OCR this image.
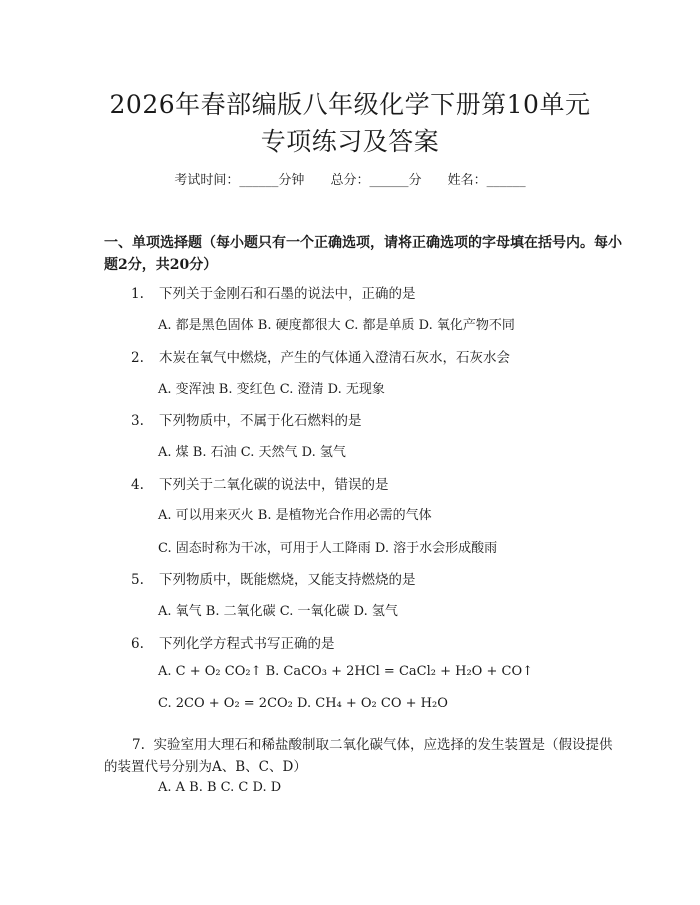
2026年春部编版八年级化学下册第10单元
专项练习及答案
考试时间：______分钟 总分：______分 姓名：______
一、单项选择题（每小题只有一个正确选项，请将正确选项的字母填在括号内。每小题2分，共20分）
1. 下列关于金刚石和石墨的说法中，正确的是
A. 都是黑色固体 B. 硬度都很大 C. 都是单质 D. 氧化产物不同
2. 木炭在氧气中燃烧，产生的气体通入澄清石灰水，石灰水会
A. 变浑浊 B. 变红色 C. 澄清 D. 无现象
3. 下列物质中，不属于化石燃料的是
A. 煤 B. 石油 C. 天然气 D. 氢气
4. 下列关于二氧化碳的说法中，错误的是
A. 可以用来灭火 B. 是植物光合作用必需的气体
C. 固态时称为干冰，可用于人工降雨 D. 溶于水会形成酸雨
5. 下列物质中，既能燃烧，又能支持燃烧的是
A. 氧气 B. 二氧化碳 C. 一氧化碳 D. 氢气
6. 下列化学方程式书写正确的是
A. C + O₂ CO₂↑ B. CaCO₃ + 2HCl = CaCl₂ + H₂O + CO↑
C. 2CO + O₂ = 2CO₂ D. CH₄ + O₂ CO + H₂O
7. 实验室用大理石和稀盐酸制取二氧化碳气体，应选择的发生装置是（假设提供的装置代号分别为A、B、C、D）
A. A B. B C. C D. D
